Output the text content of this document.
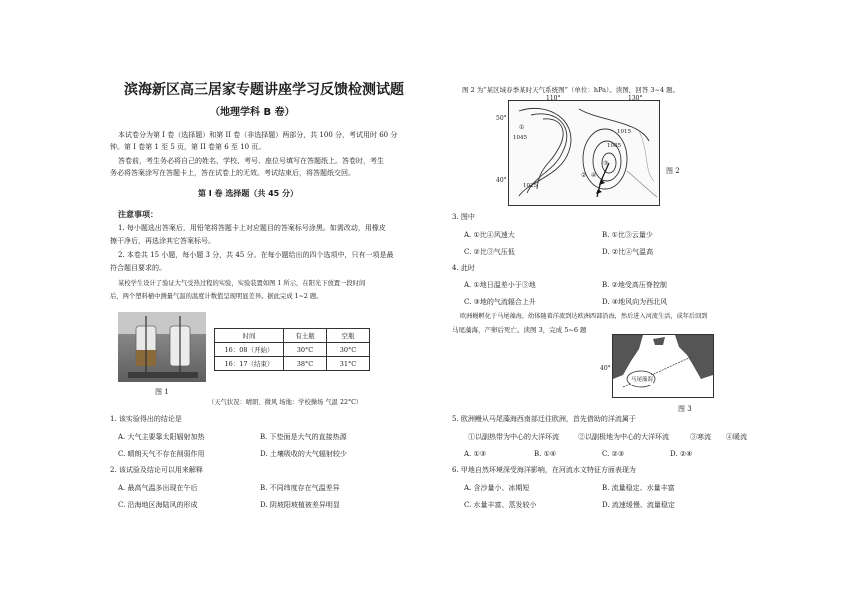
滨海新区高三居家专题讲座学习反馈检测试题
（地理学科 B 卷）
本试卷分为第 I 卷（选择题）和第 II 卷（非选择题）两部分，共 100 分，考试用时 60 分
钟。第 I 卷第 1 至 5 页，第 II 卷第 6 至 10 页。
答卷前，考生务必将自己的姓名、学校、考号、座位号填写在答题纸上。答卷时，考生
务必将答案涂写在答题卡上，答在试卷上的无效。考试结束后，将答题纸交回。
第 I 卷 选择题（共 45 分）
注意事项：
1. 每小题选出答案后，用铅笔将答题卡上对应题目的答案标号涂黑。如需改动，用橡皮
擦干净后，再选涂其它答案标号。
2. 本卷共 15 小题，每小题 3 分，共 45 分。在每小题给出的四个选项中，只有一项是最
符合题目要求的。
某校学生设计了验证大气受热过程的实验，实验装置如图 1 所示，在阳光下放置一段时间
后，两个塑料桶中测量气温的温度计数值呈现明显差异。据此完成 1~2 题。
图 1
时间	有土瓶	空瓶
16：08（开始）	30°C	30°C
16：17（结束）	38°C	31°C
（天气状况：晴朗、微风 场地：学校操场 气温 22°C）
1. 该实验得出的结论是
A. 大气主要靠太阳辐射加热	B. 下垫面是大气的直接热源
C. 晴朗天气不存在削弱作用	D. 土壤吸收的大气辐射较少
2. 该试验及结论可以用来解释
A. 最高气温多出现在午后	B. 不同纬度存在气温差异
C. 沿海地区海陆风的形成	D. 阴坡阳坡植被差异明显
图 2 为“某区域春季某时天气系统图”（单位：hPa）。读图，回答 3~4 题。
①
②
③
④
1045
1025
1015
1005
110°	130°
50°
40°
图 2
3. 图中
A. ①比④风速大	B. ①比③云量少
C. ②比③气压低	D. ②比④气温高
4. 此时
A. ①地日温差小于③地	B. ②地受高压脊控制
C. ③地的气流辐合上升	D. ④地风向为西北风
欧洲鳗孵化于马尾藻海，幼体随着洋流到达欧洲西部沿海，然后进入河流生活，成年后回到
马尾藻海，产卵后死亡。读图 3，完成 5~6 题
马尾藻海
40°
图 3
5. 欧洲鳗从马尾藻海西南部迁往欧洲，首先借助的洋流属于
①以副热带为中心的大洋环流	②以副极地为中心的大洋环流	③寒流 ④暖流
A. ①③	B. ①④	C. ②③	D. ②④
6. 甲地自然环境深受海洋影响，在河流水文特征方面表现为
A. 含沙量小、冰期短	B. 流量稳定、水量丰富
C. 水量丰富、蒸发较小	D. 流速缓慢、流量稳定
